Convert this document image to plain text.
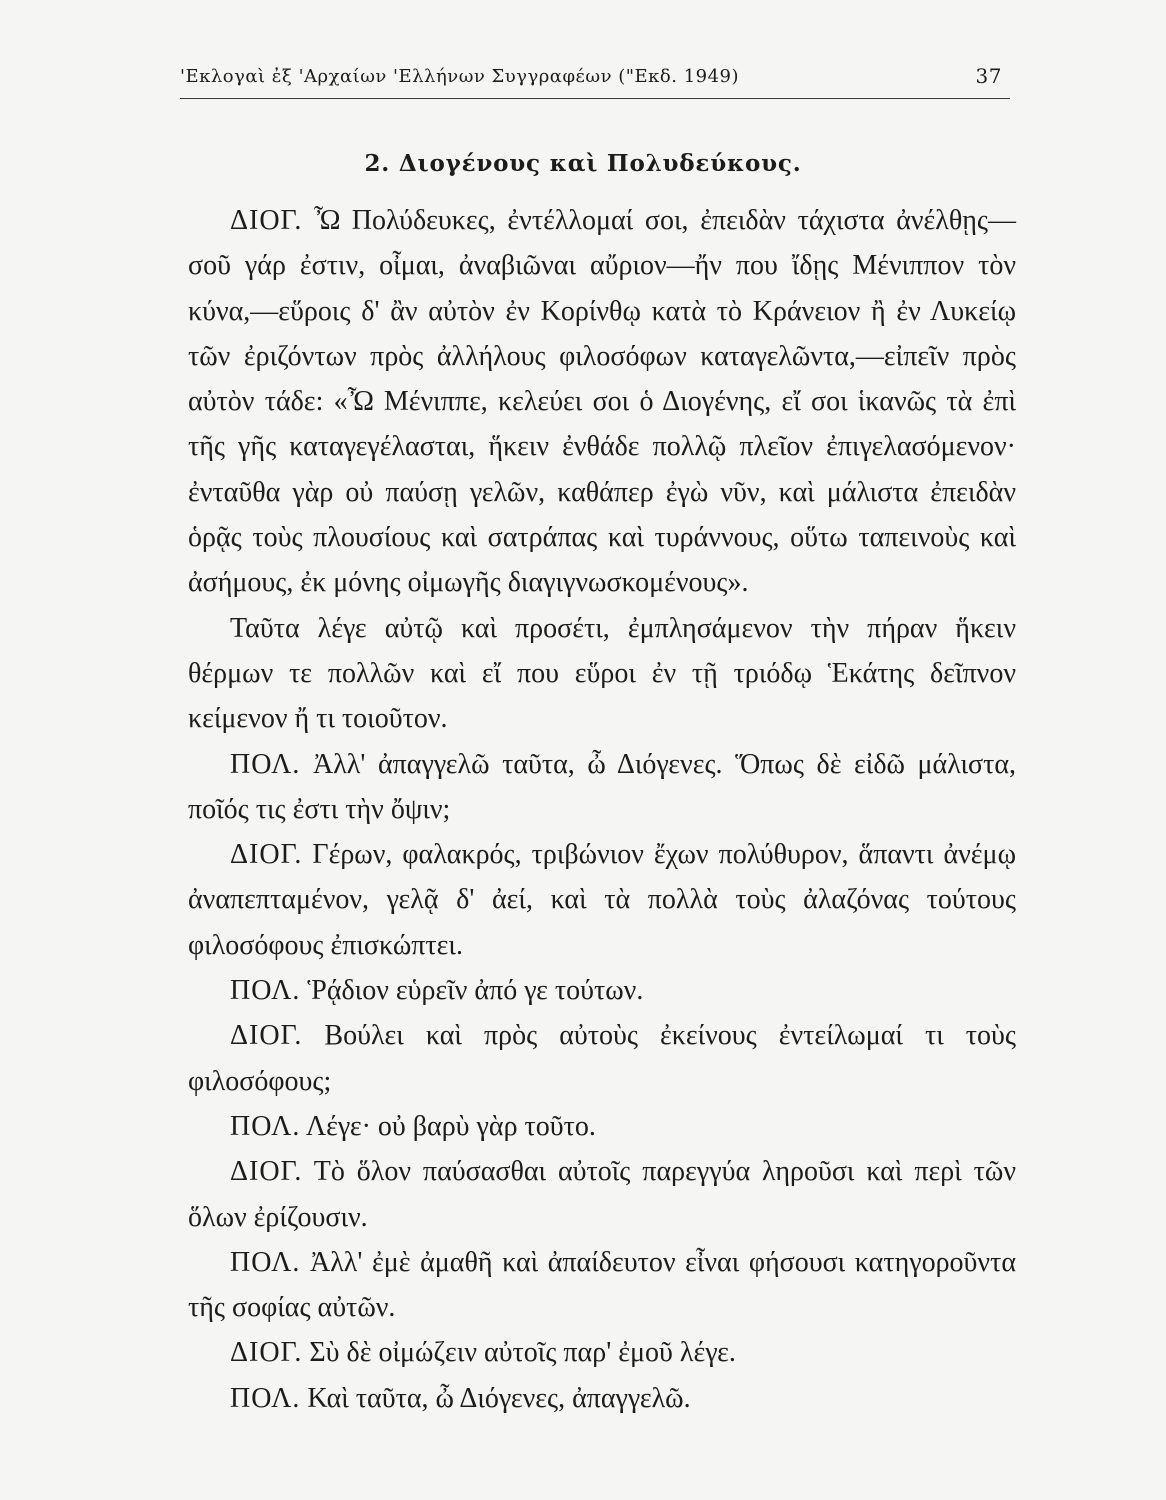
'Εκλογαὶ ἐξ 'Αρχαίων 'Ελλήνων Συγγραφέων ("Εκδ. 1949)	37
2. Διογένους καὶ Πολυδεύκους.

ΔΙΟΓ. Ὦ Πολύδευκες, ἐντέλλομαί σοι, ἐπειδὰν τάχιστα ἀνέλθῃς—σοῦ γάρ ἐστιν, οἶμαι, ἀναβιῶναι αὔριον—ἤν που ἴδῃς Μένιππον τὸν κύνα,—εὕροις δ' ἂν αὐτὸν ἐν Κορίνθῳ κατὰ τὸ Κράνειον ἢ ἐν Λυκείῳ τῶν ἐριζόντων πρὸς ἀλλήλους φιλοσόφων καταγελῶντα,—εἰπεῖν πρὸς αὐτὸν τάδε: «Ὦ Μένιππε, κελεύει σοι ὁ Διογένης, εἴ σοι ἱκανῶς τὰ ἐπὶ τῆς γῆς καταγεγέλασται, ἥκειν ἐνθάδε πολλῷ πλεῖον ἐπιγελασόμενον· ἐνταῦθα γὰρ οὐ παύσῃ γελῶν, καθάπερ ἐγὼ νῦν, καὶ μάλιστα ἐπειδὰν ὁρᾷς τοὺς πλουσίους καὶ σατράπας καὶ τυράννους, οὕτω ταπεινοὺς καὶ ἀσήμους, ἐκ μόνης οἰμωγῆς διαγιγνωσκομένους».

Ταῦτα λέγε αὐτῷ καὶ προσέτι, ἐμπλησάμενον τὴν πήραν ἥκειν θέρμων τε πολλῶν καὶ εἴ που εὕροι ἐν τῇ τριόδῳ Ἑκάτης δεῖπνον κείμενον ἤ τι τοιοῦτον.

ΠΟΛ. Ἀλλ' ἀπαγγελῶ ταῦτα, ὦ Διόγενες. Ὅπως δὲ εἰδῶ μάλιστα, ποῖός τις ἐστι τὴν ὄψιν;

ΔΙΟΓ. Γέρων, φαλακρός, τριβώνιον ἔχων πολύθυρον, ἅπαντι ἀνέμῳ ἀναπεπταμένον, γελᾷ δ' ἀεί, καὶ τὰ πολλὰ τοὺς ἀλαζόνας τούτους φιλοσόφους ἐπισκώπτει.

ΠΟΛ. Ῥᾴδιον εὑρεῖν ἀπό γε τούτων.

ΔΙΟΓ. Βούλει καὶ πρὸς αὐτοὺς ἐκείνους ἐντείλωμαί τι τοὺς φιλοσόφους;

ΠΟΛ. Λέγε· οὐ βαρὺ γὰρ τοῦτο.

ΔΙΟΓ. Τὸ ὅλον παύσασθαι αὐτοῖς παρεγγύα ληροῦσι καὶ περὶ τῶν ὅλων ἐρίζουσιν.

ΠΟΛ. Ἀλλ' ἐμὲ ἀμαθῆ καὶ ἀπαίδευτον εἶναι φήσουσι κατηγοροῦντα τῆς σοφίας αὐτῶν.

ΔΙΟΓ. Σὺ δὲ οἰμώζειν αὐτοῖς παρ' ἐμοῦ λέγε.

ΠΟΛ. Καὶ ταῦτα, ὦ Διόγενες, ἀπαγγελῶ.
